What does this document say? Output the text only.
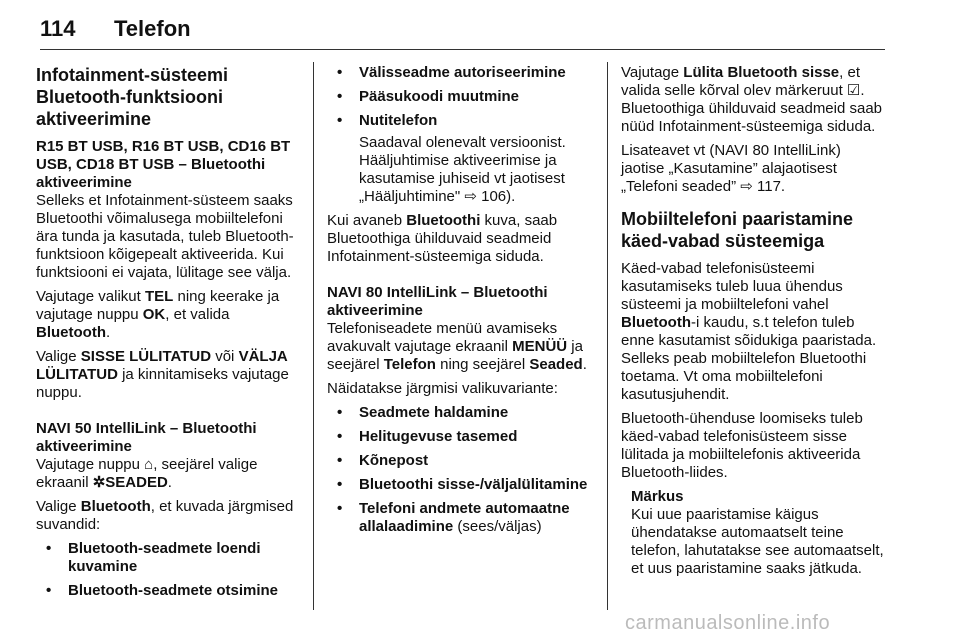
114 Telefon
Infotainment-süsteemi Bluetooth-funktsiooni aktiveerimine
R15 BT USB, R16 BT USB, CD16 BT USB, CD18 BT USB – Bluetoothi aktiveerimine

Selleks et Infotainment-süsteem saaks Bluetoothi võimalusega mobiiltelefoni ära tunda ja kasutada, tuleb Bluetooth-funktsioon kõigepealt aktiveerida. Kui funktsiooni ei vajata, lülitage see välja.

Vajutage valikut TEL ning keerake ja vajutage nuppu OK, et valida Bluetooth.

Valige SISSE LÜLITATUD või VÄLJA LÜLITATUD ja kinnitamiseks vajutage nuppu.

NAVI 50 IntelliLink – Bluetoothi aktiveerimine

Vajutage nuppu ⌂, seejärel valige ekraanil ✲SEADED.

Valige Bluetooth, et kuvada järgmised suvandid:

• Bluetooth-seadmete loendi kuvamine
• Bluetooth-seadmete otsimine
• Välisseadme autoriseerimine
• Pääsukoodi muutmine
• Nutitelefon

Saadaval olenevalt versioonist. Hääljuhtimise aktiveerimise ja kasutamise juhiseid vt jaotisest „Hääljuhtimine" ⇨ 106).

Kui avaneb Bluetoothi kuva, saab Bluetoothiga ühilduvaid seadmeid Infotainment-süsteemiga siduda.

NAVI 80 IntelliLink – Bluetoothi aktiveerimine

Telefoniseadete menüü avamiseks avakuvalt vajutage ekraanil MENÜÜ ja seejärel Telefon ning seejärel Seaded.

Näidatakse järgmisi valikuvariante:

• Seadmete haldamine
• Helitugevuse tasemed
• Kõnepost
• Bluetoothi sisse-/väljalülitamine
• Telefoni andmete automaatne allalaadimine (sees/väljas)

Vajutage Lülita Bluetooth sisse, et valida selle kõrval olev märkeruut ☑. Bluetoothiga ühilduvaid seadmeid saab nüüd Infotainment-süsteemiga siduda.

Lisateavet vt (NAVI 80 IntelliLink) jaotise „Kasutamine” alajaotisest „Telefoni seaded” ⇨ 117.

Mobiiltelefoni paaristamine käed-vabad süsteemiga

Käed-vabad telefonisüsteemi kasutamiseks tuleb luua ühendus süsteemi ja mobiiltelefoni vahel Bluetooth-i kaudu, s.t telefon tuleb enne kasutamist sõidukiga paaristada. Selleks peab mobiiltelefon Bluetoothi toetama. Vt oma mobiiltelefoni kasutusjuhendit.

Bluetooth-ühenduse loomiseks tuleb käed-vabad telefonisüsteem sisse lülitada ja mobiiltelefonis aktiveerida Bluetooth-liides.

Märkus

Kui uue paaristamise käigus ühendatakse automaatselt teine telefon, lahutatakse see automaatselt, et uus paaristamine saaks jätkuda.

carmanualsonline.info
